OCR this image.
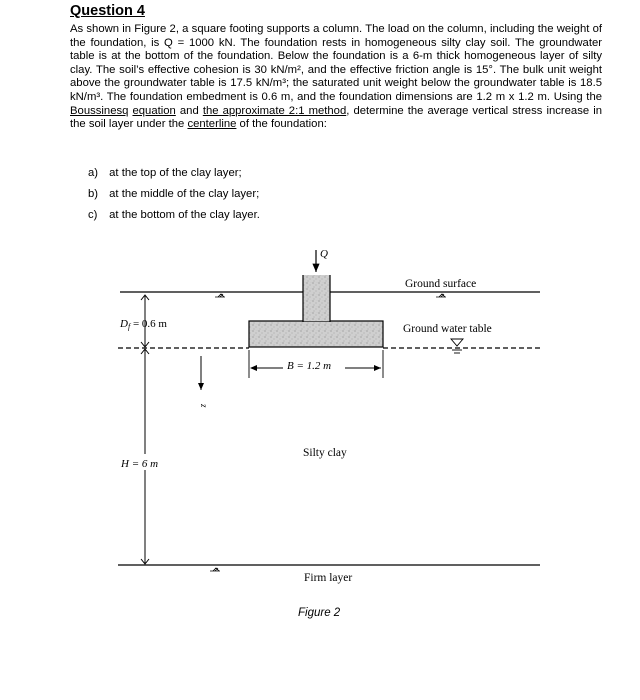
Question 4

As shown in Figure 2, a square footing supports a column. The load on the column, including the weight of the foundation, is Q = 1000 kN. The foundation rests in homogeneous silty clay soil. The groundwater table is at the bottom of the foundation. Below the foundation is a 6-m thick homogeneous layer of silty clay. The soil’s effective cohesion is 30 kN/m², and the effective friction angle is 15°. The bulk unit weight above the groundwater table is 17.5 kN/m³; the saturated unit weight below the groundwater table is 18.5 kN/m³. The foundation embedment is 0.6 m, and the foundation dimensions are 1.2 m x 1.2 m. Using the Boussinesq equation and the approximate 2:1 method, determine the average vertical stress increase in the soil layer under the centerline of the foundation:

a) at the top of the clay layer;
b) at the middle of the clay layer;
c) at the bottom of the clay layer.
Q
Df = 0.6 m
H = 6 m
z
B = 1.2 m
Ground surface
Ground water table
Silty clay
Firm layer
Figure 2
